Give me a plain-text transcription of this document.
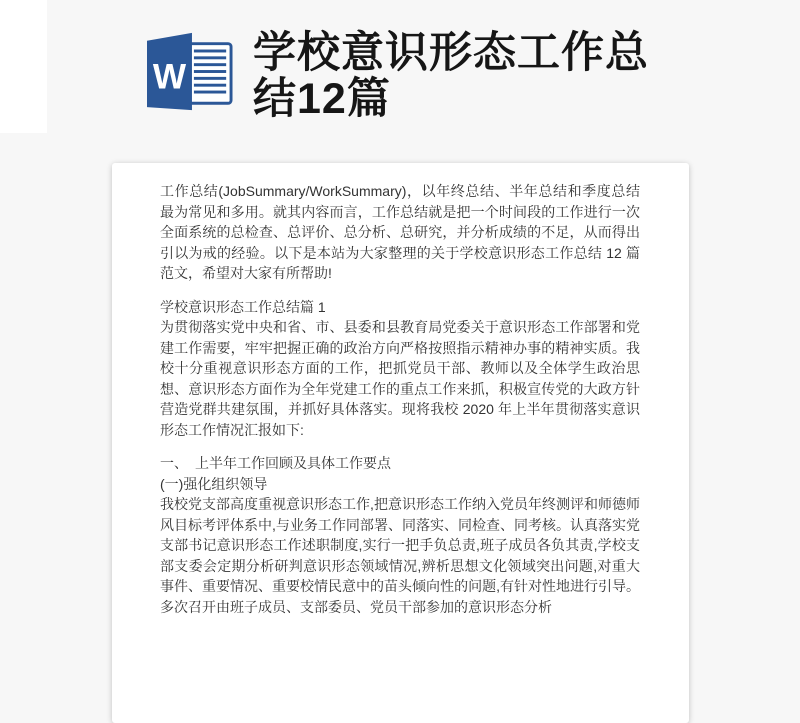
W
学校意识形态工作总结12篇

工作总结(JobSummary/WorkSummary)，以年终总结、半年总结和季度总结最为常见和多用。就其内容而言，工作总结就是把一个时间段的工作进行一次全面系统的总检查、总评价、总分析、总研究，并分析成绩的不足，从而得出引以为戒的经验。以下是本站为大家整理的关于学校意识形态工作总结 12 篇范文，希望对大家有所帮助!

学校意识形态工作总结篇 1

为贯彻落实党中央和省、市、县委和县教育局党委关于意识形态工作部署和党建工作需要，牢牢把握正确的政治方向严格按照指示精神办事的精神实质。我校十分重视意识形态方面的工作，把抓党员干部、教师以及全体学生政治思想、意识形态方面作为全年党建工作的重点工作来抓，积极宣传党的大政方针营造党群共建氛围，并抓好具体落实。现将我校 2020 年上半年贯彻落实意识形态工作情况汇报如下:

一、　上半年工作回顾及具体工作要点

(一)强化组织领导

我校党支部高度重视意识形态工作,把意识形态工作纳入党员年终测评和师德师风目标考评体系中,与业务工作同部署、同落实、同检查、同考核。认真落实党支部书记意识形态工作述职制度,实行一把手负总责,班子成员各负其责,学校支部支委会定期分析研判意识形态领域情况,辨析思想文化领域突出问题,对重大事件、重要情况、重要校情民意中的苗头倾向性的问题,有针对性地进行引导。多次召开由班子成员、支部委员、党员干部参加的意识形态分析
